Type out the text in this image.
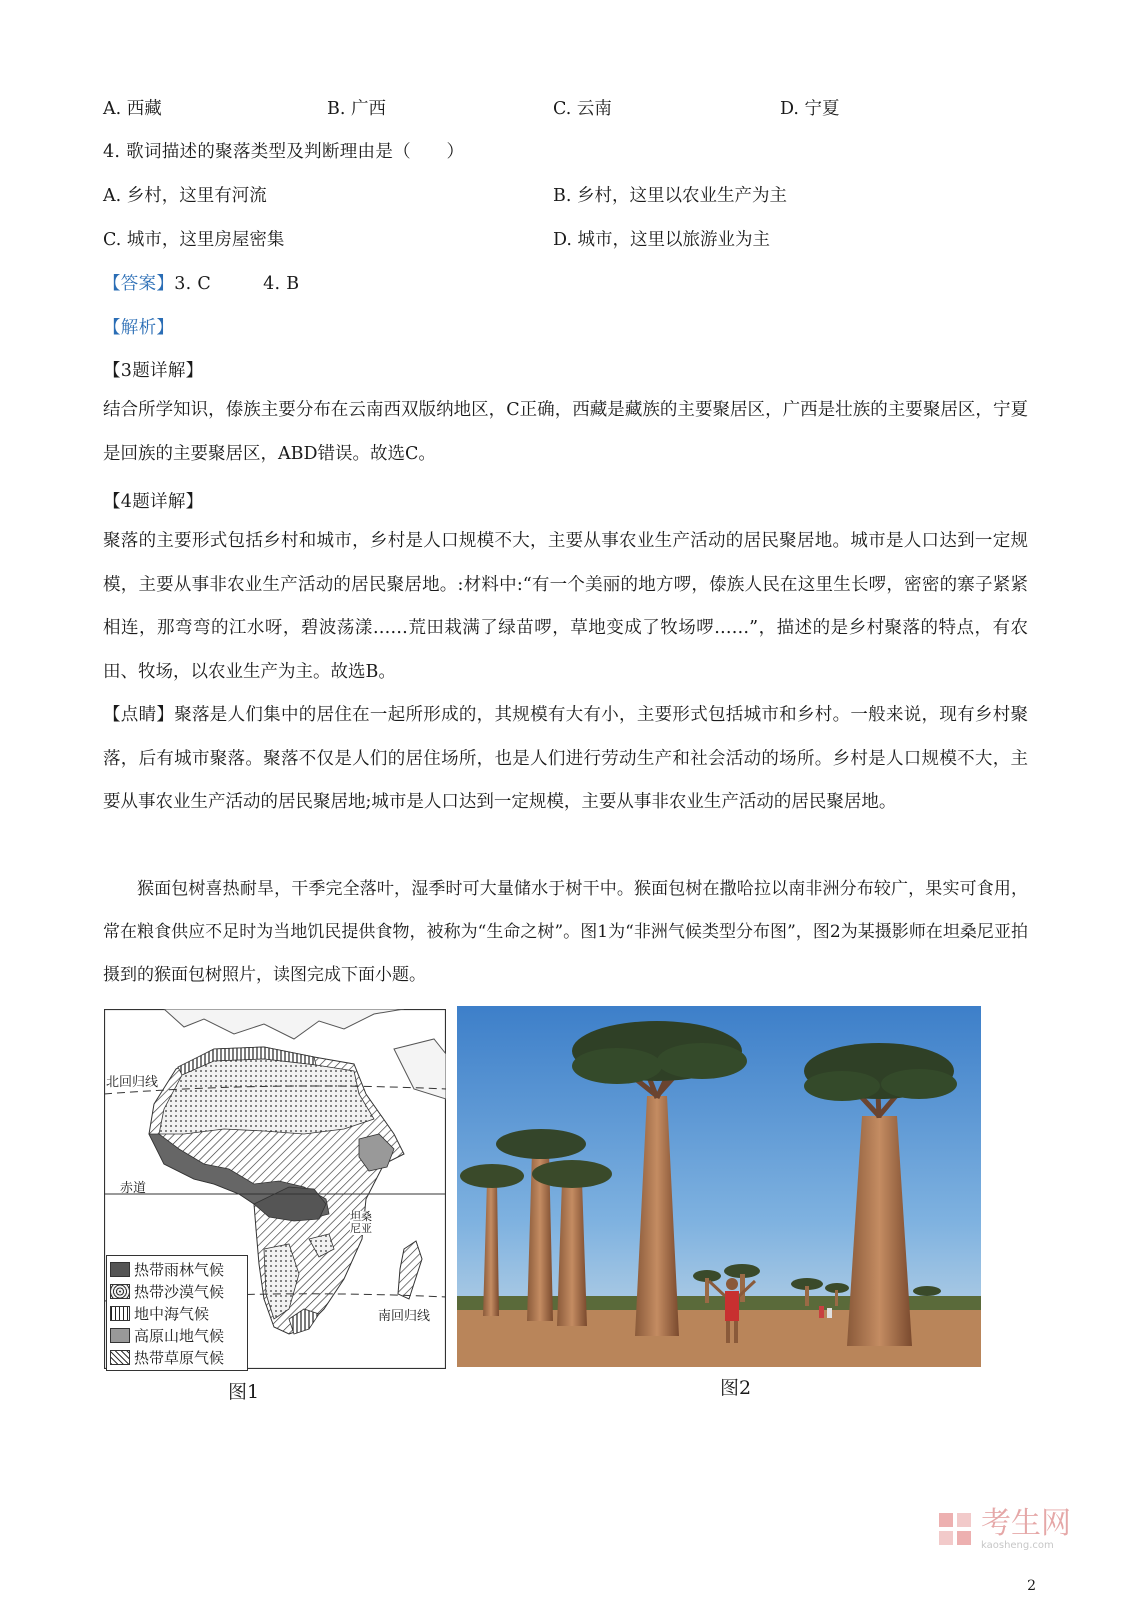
A. 西藏	B. 广西	C. 云南	D. 宁夏
4. 歌词描述的聚落类型及判断理由是（　　）
A. 乡村，这里有河流	B. 乡村，这里以农业生产为主
C. 城市，这里房屋密集	D. 城市，这里以旅游业为主
【答案】3. C	4. B
【解析】
【3题详解】
结合所学知识，傣族主要分布在云南西双版纳地区，C正确，西藏是藏族的主要聚居区，广西是壮族的主要聚居区，宁夏是回族的主要聚居区，ABD错误。故选C。
【4题详解】
聚落的主要形式包括乡村和城市，乡村是人口规模不大，主要从事农业生产活动的居民聚居地。城市是人口达到一定规模，主要从事非农业生产活动的居民聚居地。:材料中:“有一个美丽的地方啰，傣族人民在这里生长啰，密密的寨子紧紧相连，那弯弯的江水呀，碧波荡漾……荒田栽满了绿苗啰，草地变成了牧场啰……”，描述的是乡村聚落的特点，有农田、牧场，以农业生产为主。故选B。
【点睛】聚落是人们集中的居住在一起所形成的，其规模有大有小，主要形式包括城市和乡村。一般来说，现有乡村聚落，后有城市聚落。聚落不仅是人们的居住场所，也是人们进行劳动生产和社会活动的场所。乡村是人口规模不大，主要从事农业生产活动的居民聚居地;城市是人口达到一定规模，主要从事非农业生产活动的居民聚居地。
猴面包树喜热耐旱，干季完全落叶，湿季时可大量储水于树干中。猴面包树在撒哈拉以南非洲分布较广，果实可食用，常在粮食供应不足时为当地饥民提供食物，被称为“生命之树”。图1为“非洲气候类型分布图”，图2为某摄影师在坦桑尼亚拍摄到的猴面包树照片，读图完成下面小题。
北回归线
赤道
南回归线
坦桑尼亚
热带雨林气候
热带沙漠气候
地中海气候
高原山地气候
热带草原气候
图1	图2
考生网
kaosheng.com
2
